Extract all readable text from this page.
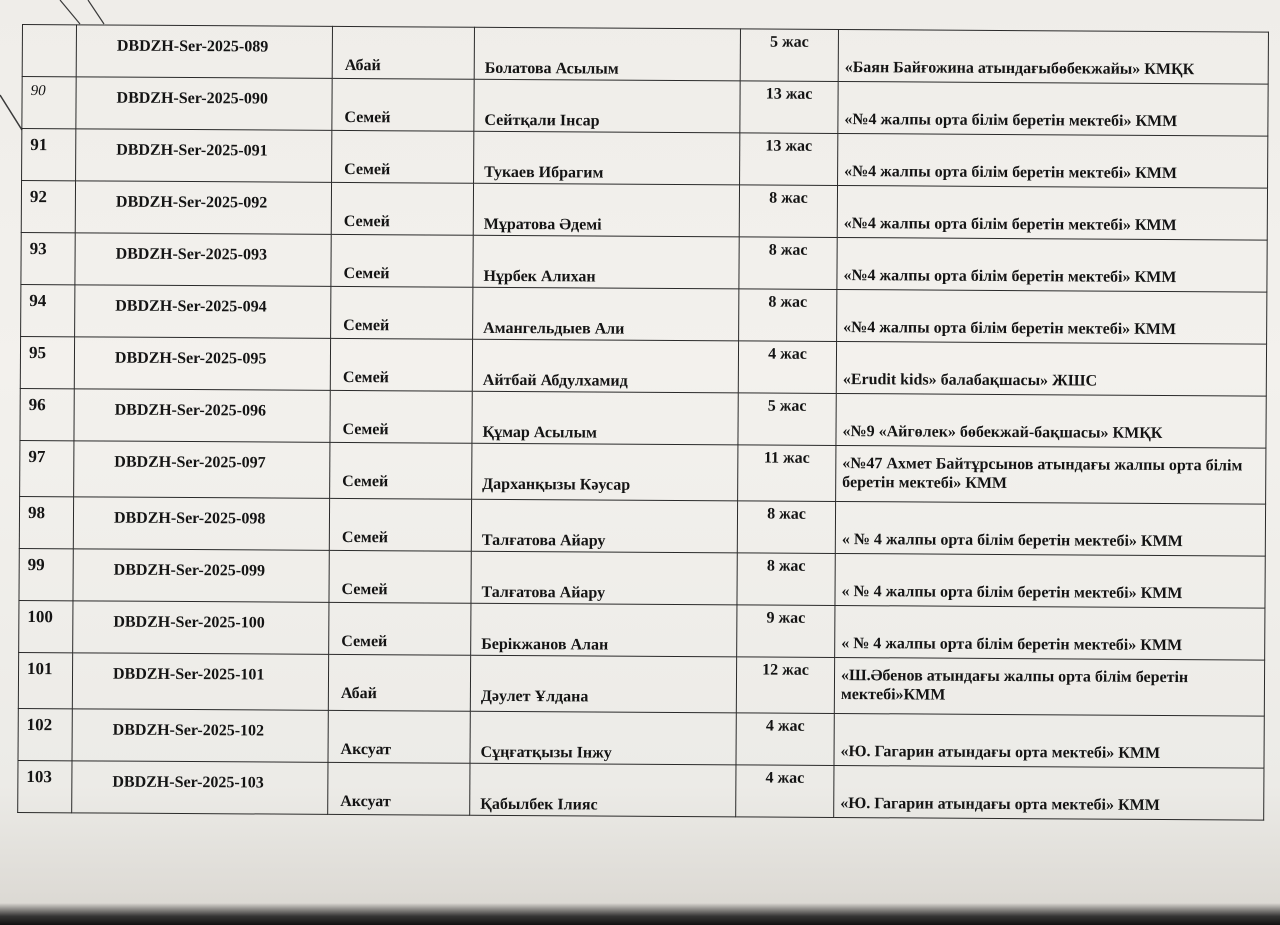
	DBDZH-Ser-2025-089	Абай	Болатова Асылым	5 жас	«Баян Байғожина атындағыбөбекжайы» КМҚК

90	DBDZH-Ser-2025-090	Семей	Сейтқали Інсар	13 жас	«№4 жалпы орта білім беретін мектебі» КММ

91	DBDZH-Ser-2025-091	Семей	Тукаев Ибрагим	13 жас	«№4 жалпы орта білім беретін мектебі» КММ

92	DBDZH-Ser-2025-092	Семей	Мұратова Әдемі	8 жас	«№4 жалпы орта білім беретін мектебі» КММ

93	DBDZH-Ser-2025-093	Семей	Нұрбек Алихан	8 жас	«№4 жалпы орта білім беретін мектебі» КММ

94	DBDZH-Ser-2025-094	Семей	Амангельдыев Али	8 жас	«№4 жалпы орта білім беретін мектебі» КММ

95	DBDZH-Ser-2025-095	Семей	Айтбай Абдулхамид	4 жас	«Erudit kids» балабақшасы» ЖШС

96	DBDZH-Ser-2025-096	Семей	Құмар Асылым	5 жас	«№9 «Айгөлек» бөбекжай-бақшасы» КМҚК

97	DBDZH-Ser-2025-097	Семей	Дарханқызы Кәусар	11 жас	«№47 Ахмет Байтұрсынов атындағы жалпы орта білім беретін мектебі» КММ

98	DBDZH-Ser-2025-098	Семей	Талғатова Айару	8 жас	« № 4 жалпы орта білім беретін мектебі» КММ

99	DBDZH-Ser-2025-099	Семей	Талғатова Айару	8 жас	« № 4 жалпы орта білім беретін мектебі» КММ

100	DBDZH-Ser-2025-100	Семей	Берікжанов Алан	9 жас	« № 4 жалпы орта білім беретін мектебі» КММ

101	DBDZH-Ser-2025-101	Абай	Дәулет Ұлдана	12 жас	«Ш.Әбенов атындағы жалпы орта білім беретін мектебі»КММ

102	DBDZH-Ser-2025-102	Аксуат	Сұңғатқызы Інжу	4 жас	«Ю. Гагарин атындағы орта мектебі» КММ

103	DBDZH-Ser-2025-103	Аксуат	Қабылбек Ілияс	4 жас	«Ю. Гагарин атындағы орта мектебі» КММ
